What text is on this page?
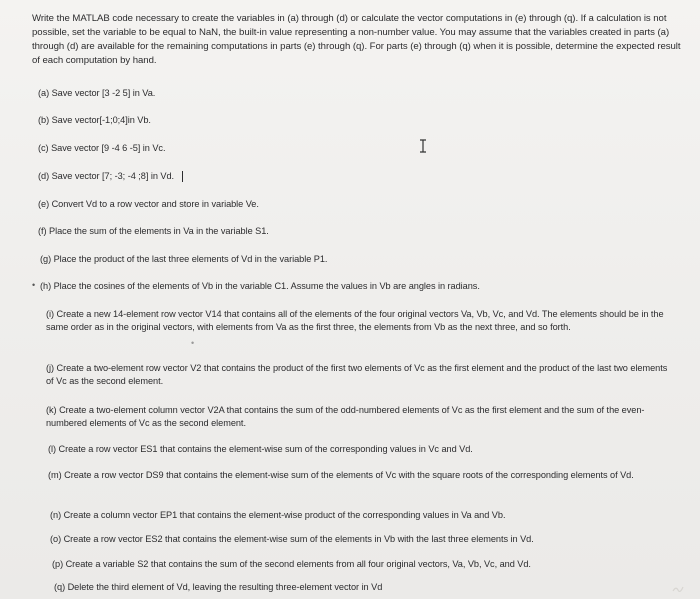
Write the MATLAB code necessary to create the variables in (a) through (d) or calculate the vector computations in (e) through (q). If a calculation is not possible, set the variable to be equal to NaN, the built-in value representing a non-number value. You may assume that the variables created in parts (a) through (d) are available for the remaining computations in parts (e) through (q). For parts (e) through (q) when it is possible, determine the expected result of each computation by hand.

(a) Save vector [3 -2 5] in Va.
(b) Save vector[-1;0;4]in Vb.
(c) Save vector [9 -4 6 -5] in Vc.
(d) Save vector [7; -3; -4 ;8] in Vd.
(e) Convert Vd to a row vector and store in variable Ve.
(f) Place the sum of the elements in Va in the variable S1.
(g) Place the product of the last three elements of Vd in the variable P1.
(h) Place the cosines of the elements of Vb in the variable C1. Assume the values in Vb are angles in radians.
(i) Create a new 14-element row vector V14 that contains all of the elements of the four original vectors Va, Vb, Vc, and Vd. The elements should be in the same order as in the original vectors, with elements from Va as the first three, the elements from Vb as the next three, and so forth.
(j) Create a two-element row vector V2 that contains the product of the first two elements of Vc as the first element and the product of the last two elements of Vc as the second element.
(k) Create a two-element column vector V2A that contains the sum of the odd-numbered elements of Vc as the first element and the sum of the even-numbered elements of Vc as the second element.
(l) Create a row vector ES1 that contains the element-wise sum of the corresponding values in Vc and Vd.
(m) Create a row vector DS9 that contains the element-wise sum of the elements of Vc with the square roots of the corresponding elements of Vd.
(n) Create a column vector EP1 that contains the element-wise product of the corresponding values in Va and Vb.
(o) Create a row vector ES2 that contains the element-wise sum of the elements in Vb with the last three elements in Vd.
(p) Create a variable S2 that contains the sum of the second elements from all four original vectors, Va, Vb, Vc, and Vd.
(q) Delete the third element of Vd, leaving the resulting three-element vector in Vd
•
•
